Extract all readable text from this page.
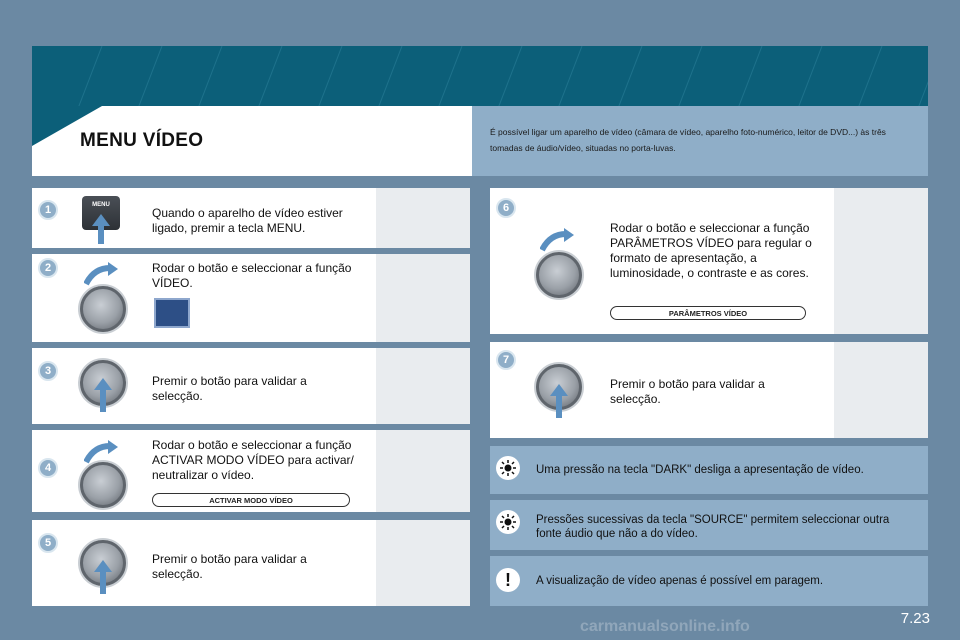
MENU VÍDEO	É possível ligar um aparelho de vídeo (câmara de vídeo, aparelho foto-numérico, leitor de DVD...) às três tomadas de áudio/vídeo, situadas no porta-luvas.
1	MENU
Quando o aparelho de vídeo estiver ligado, premir a tecla MENU.
2	Rodar o botão e seleccionar a função VÍDEO.
3
Premir o botão para validar a selecção.
4
Rodar o botão e seleccionar a função ACTIVAR MODO VÍDEO para activar/ neutralizar o vídeo.
ACTIVAR MODO VÍDEO
5
Premir o botão para validar a selecção.
6
Rodar o botão e seleccionar a função PARÂMETROS VÍDEO para regular o formato de apresentação, a luminosidade, o contraste e as cores.
PARÂMETROS VÍDEO
7
Premir o botão para validar a selecção.
Uma pressão na tecla "DARK" desliga a apresentação de vídeo.
Pressões sucessivas da tecla "SOURCE" permitem seleccionar outra fonte áudio que não a do vídeo.
!	A visualização de vídeo apenas é possível em paragem.
carmanualsonline.info	7.23
